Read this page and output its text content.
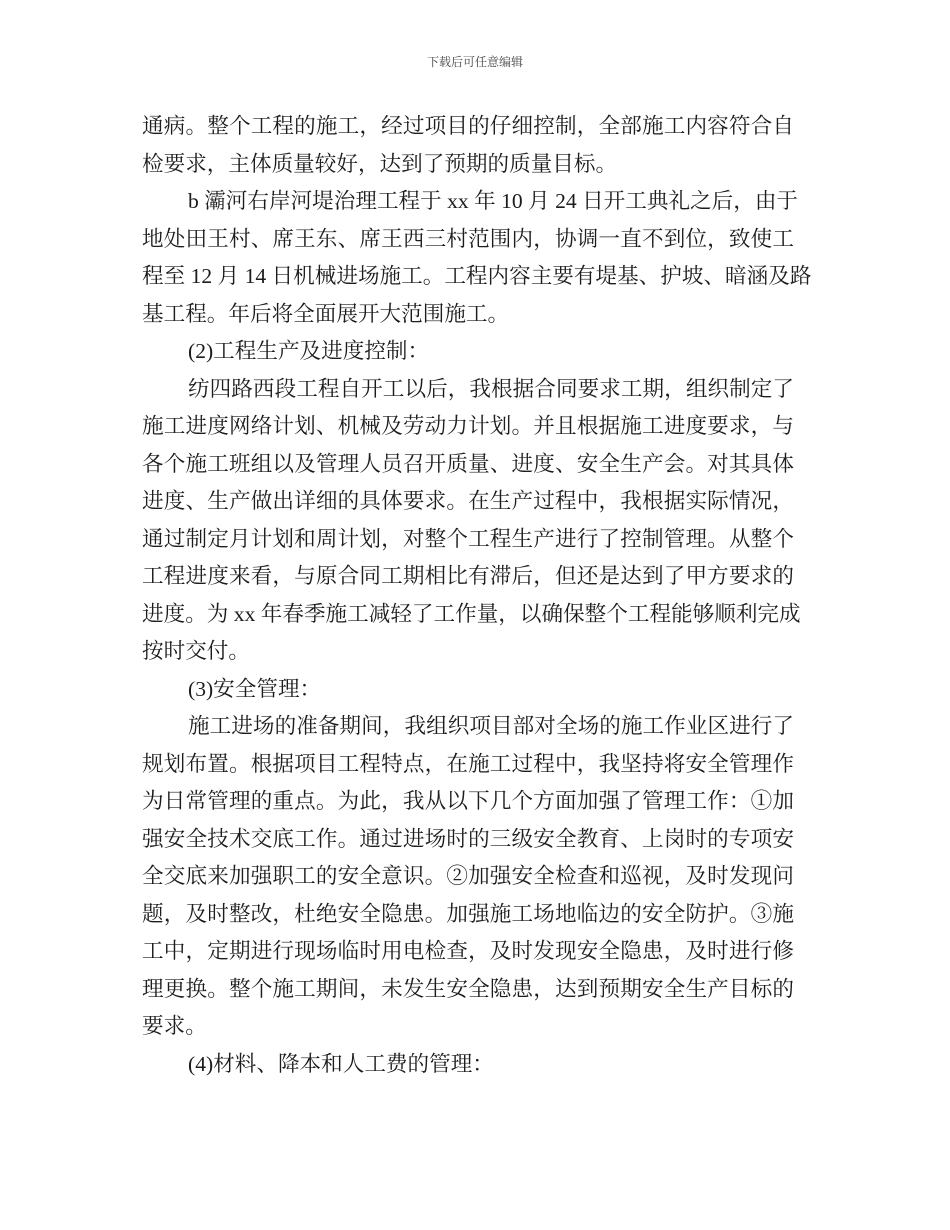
下载后可任意编辑
通病。整个工程的施工，经过项目的仔细控制，全部施工内容符合自
检要求，主体质量较好，达到了预期的质量目标。
b 灞河右岸河堤治理工程于 xx 年 10 月 24 日开工典礼之后，由于
地处田王村、席王东、席王西三村范围内，协调一直不到位，致使工
程至 12 月 14 日机械进场施工。工程内容主要有堤基、护坡、暗涵及路
基工程。年后将全面展开大范围施工。
(2)工程生产及进度控制：
纺四路西段工程自开工以后，我根据合同要求工期，组织制定了
施工进度网络计划、机械及劳动力计划。并且根据施工进度要求，与
各个施工班组以及管理人员召开质量、进度、安全生产会。对其具体
进度、生产做出详细的具体要求。在生产过程中，我根据实际情况，
通过制定月计划和周计划，对整个工程生产进行了控制管理。从整个
工程进度来看，与原合同工期相比有滞后，但还是达到了甲方要求的
进度。为 xx 年春季施工减轻了工作量，以确保整个工程能够顺利完成
按时交付。
(3)安全管理：
施工进场的准备期间，我组织项目部对全场的施工作业区进行了
规划布置。根据项目工程特点，在施工过程中，我坚持将安全管理作
为日常管理的重点。为此，我从以下几个方面加强了管理工作：①加
强安全技术交底工作。通过进场时的三级安全教育、上岗时的专项安
全交底来加强职工的安全意识。②加强安全检查和巡视，及时发现问
题，及时整改，杜绝安全隐患。加强施工场地临边的安全防护。③施
工中，定期进行现场临时用电检查，及时发现安全隐患，及时进行修
理更换。整个施工期间，未发生安全隐患，达到预期安全生产目标的
要求。
(4)材料、降本和人工费的管理：
